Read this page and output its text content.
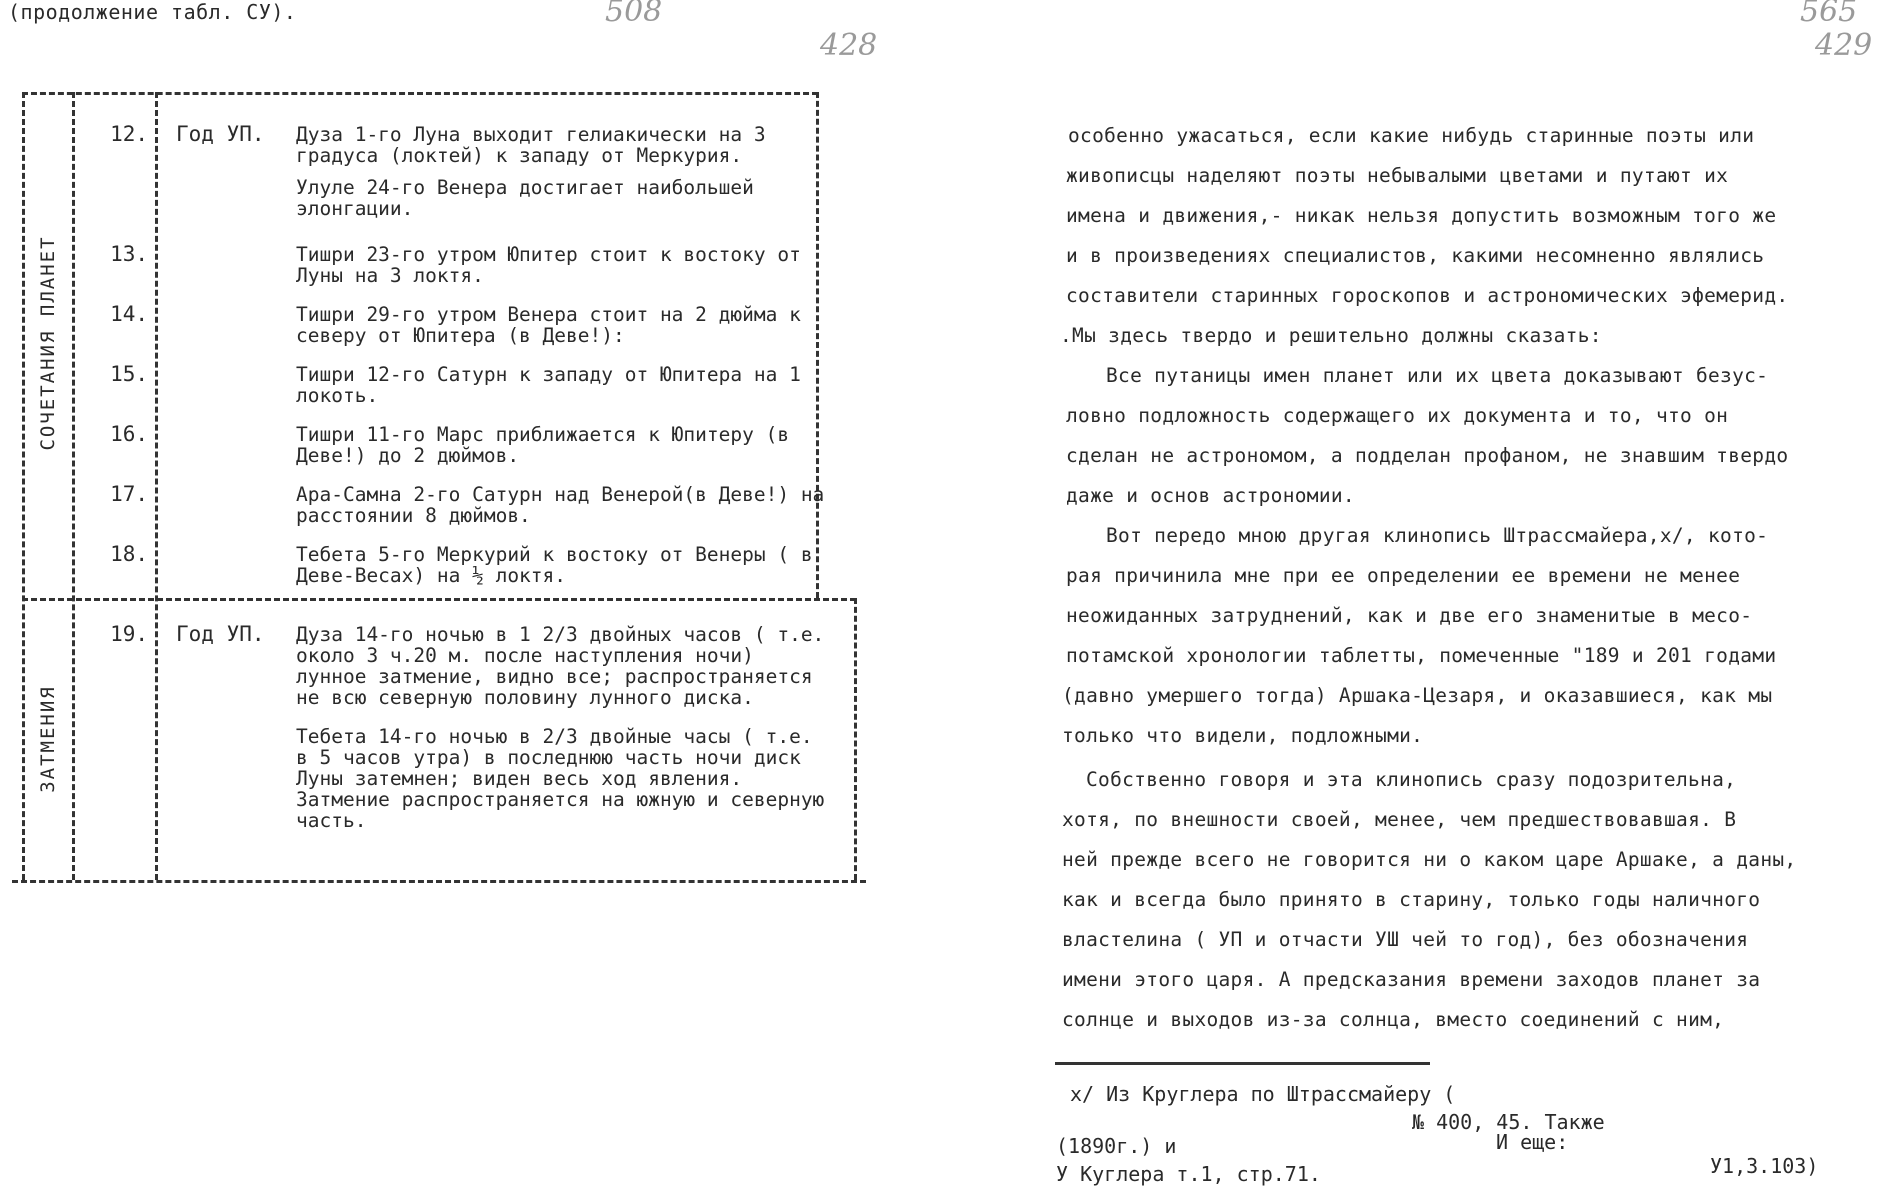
(продолжение табл. СУ).	508
428
565
429
СОЧЕТАНИЯ ПЛАНЕТ
ЗАТМЕНИЯ
12. Год УП. Дуза 1-го Луна выходит гелиакически на 3 градуса (локтей) к западу от Меркурия.

Улуле 24-го Венера достигает наибольшей элонгации.

13.	Тишри 23-го утром Юпитер стоит к востоку от Луны на 3 локтя.

14.	Тишри 29-го утром Венера стоит на 2 дюйма к северу от Юпитера (в Деве!):

15.	Тишри 12-го Сатурн к западу от Юпитера на 1 локоть.

16.	Тишри 11-го Марс приближается к Юпитеру (в Деве!) до 2 дюймов.

17.	Ара-Самна 2-го Сатурн над Венерой(в Деве!) на расстоянии 8 дюймов.

18.	Тебета 5-го Меркурий к востоку от Венеры ( в Деве-Весах) на ½ локтя.

19. Год УП. Дуза 14-го ночью в 1 2/3 двойных часов ( т.е. около 3 ч.20 м. после наступления ночи) лунное затмение, видно все; распространяется не всю северную половину лунного диска.

Тебета 14-го ночью в 2/3 двойные часы ( т.е. в 5 часов утра) в последнюю часть ночи диск Луны затемнен; виден весь ход явления. Затмение распространяется на южную и северную часть.

особенно ужасаться, если какие нибудь старинные поэты или
живописцы наделяют поэты небывалыми цветами и путают их
имена и движения,- никак нельзя допустить возможным того же
и в произведениях специалистов, какими несомненно являлись
составители старинных гороскопов и астрономических эфемерид.
.Мы здесь твердо и решительно должны сказать:
Все путаницы имен планет или их цвета доказывают безус-
ловно подложность содержащего их документа и то, что он
сделан не астрономом, а подделан профаном, не знавшим твердо
даже и основ астрономии.
Вот передо мною другая клинопись Штрассмайера,x/, кото-
рая причинила мне при ее определении ее времени не менее
неожиданных затруднений, как и две его знаменитые в месо-
потамской хронологии таблетты, помеченные "189 и 201 годами
(давно умершего тогда) Аршака-Цезаря, и оказавшиеся, как мы
только что видели, подложными.
Собственно говоря и эта клинопись сразу подозрительна,
хотя, по внешности своей, менее, чем предшествовавшая. В
ней прежде всего не говорится ни о каком царе Аршаке, а даны,
как и всегда было принято в старину, только годы наличного
властелина ( УП и отчасти УШ чей то год), без обозначения
имени этого царя. А предсказания времени заходов планет за
солнце и выходов из-за солнца, вместо соединений с ним,
x/ Из Круглера по Штрассмайеру (
№ 400, 45. Также
И еще:
(1890г.) и
У Куглера т.1, стр.71.	У1,3.103)
